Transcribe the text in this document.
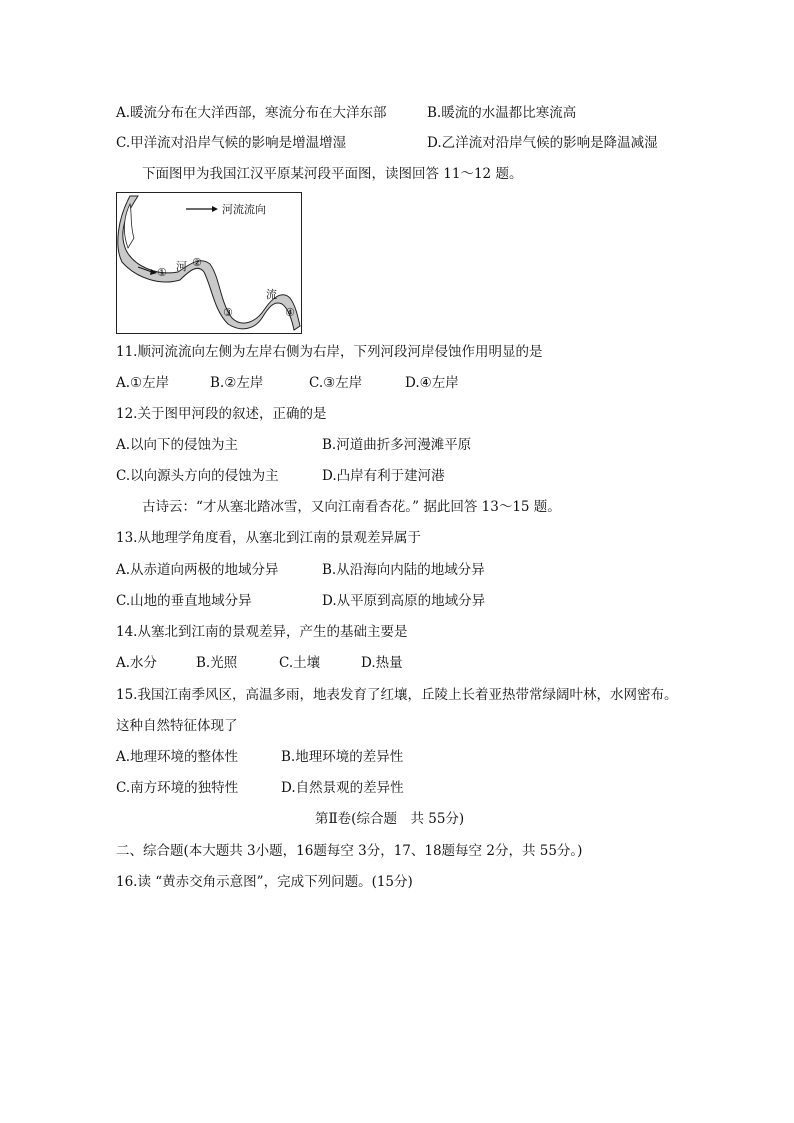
A.暖流分布在大洋西部，寒流分布在大洋东部	B.暖流的水温都比寒流高
C.甲洋流对沿岸气候的影响是增温增湿	D.乙洋流对沿岸气候的影响是降温减湿
下面图甲为我国江汉平原某河段平面图，读图回答 11～12 题。
河流流向
河
流
①
②
③	④
11.顺河流流向左侧为左岸右侧为右岸，下列河段河岸侵蚀作用明显的是
A.①左岸	B.②左岸	C.③左岸	D.④左岸
12.关于图甲河段的叙述，正确的是
A.以向下的侵蚀为主	B.河道曲折多河漫滩平原
C.以向源头方向的侵蚀为主	D.凸岸有利于建河港
古诗云：“才从塞北踏冰雪，又向江南看杏花。” 据此回答 13～15 题。
13.从地理学角度看，从塞北到江南的景观差异属于
A.从赤道向两极的地域分异	B.从沿海向内陆的地域分异
C.山地的垂直地域分异	D.从平原到高原的地域分异
14.从塞北到江南的景观差异，产生的基础主要是
A.水分	B.光照	C.土壤	D.热量
15.我国江南季风区，高温多雨，地表发育了红壤，丘陵上长着亚热带常绿阔叶林，水网密布。
这种自然特征体现了
A.地理环境的整体性	B.地理环境的差异性
C.南方环境的独特性	D.自然景观的差异性
第Ⅱ卷(综合题　共 55分)
二、综合题(本大题共 3小题，16题每空 3分，17、18题每空 2分，共 55分。)
16.读 “黄赤交角示意图”，完成下列问题。(15分)
